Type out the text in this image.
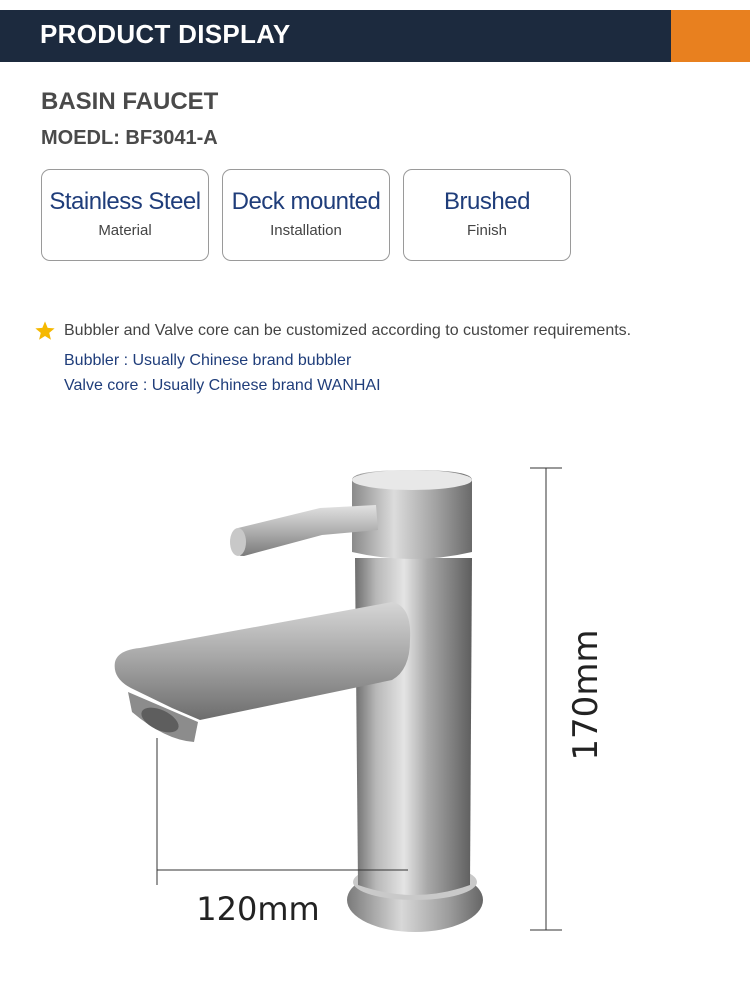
PRODUCT DISPLAY
BASIN FAUCET
MOEDL: BF3041-A
Stainless Steel
Material
Deck mounted
Installation
Brushed
Finish
Bubbler and Valve core can be customized according to customer requirements.
Bubbler : Usually Chinese brand bubbler
Valve core : Usually Chinese brand WANHAI
170mm
120mm
